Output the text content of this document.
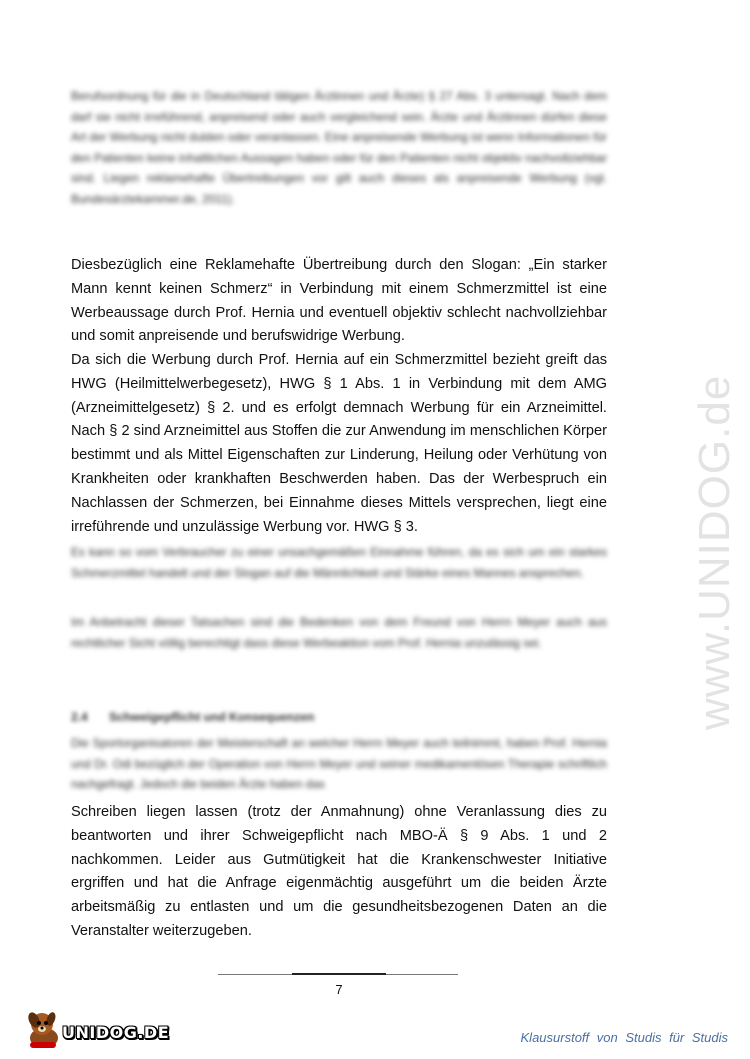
www.UNIDOG.de

Berufsordnung für die in Deutschland tätigen Ärztinnen und Ärzte) § 27 Abs. 3 untersagt. Nach dem darf sie nicht irreführend, anpreisend oder auch vergleichend sein. Ärzte und Ärztinnen dürfen diese Art der Werbung nicht dulden oder veranlassen. Eine anpreisende Werbung ist wenn Informationen für den Patienten keine inhaltlichen Aussagen haben oder für den Patienten nicht objektiv nachvollziehbar sind. Liegen reklamehafte Übertreibungen vor gilt auch dieses als anpreisende Werbung (vgl. Bundesärztekammer.de, 2011).

Diesbezüglich eine Reklamehafte Übertreibung durch den Slogan: „Ein starker Mann kennt keinen Schmerz“ in Verbindung mit einem Schmerzmittel ist eine Werbeaussage durch Prof. Hernia und eventuell objektiv schlecht nachvollziehbar und somit anpreisende und berufswidrige Werbung.

Da sich die Werbung durch Prof. Hernia auf ein Schmerzmittel bezieht greift das HWG (Heilmittelwerbegesetz), HWG § 1 Abs. 1 in Verbindung mit dem AMG (Arzneimittelgesetz) § 2. und es erfolgt demnach Werbung für ein Arzneimittel. Nach § 2 sind Arzneimittel aus Stoffen die zur Anwendung im menschlichen Körper bestimmt und als Mittel Eigenschaften zur Linderung, Heilung oder Verhütung von Krankheiten oder krankhaften Beschwerden haben. Das der Werbespruch ein Nachlassen der Schmerzen, bei Einnahme dieses Mittels versprechen, liegt eine irreführende und unzulässige Werbung vor. HWG § 3.

Es kann so vom Verbraucher zu einer unsachgemäßen Einnahme führen, da es sich um ein starkes Schmerzmittel handelt und der Slogan auf die Männlichkeit und Stärke eines Mannes ansprechen.

Im Anbetracht dieser Tatsachen sind die Bedenken von dem Freund von Herrn Meyer auch aus rechtlicher Sicht völlig berechtigt dass diese Werbeaktion vom Prof. Hernia unzulässig sei.

2.4 Schweigepflicht und Konsequenzen

Die Sportorganisatoren der Meisterschaft an welcher Herrn Meyer auch teilnimmt, haben Prof. Hernia und Dr. Odi bezüglich der Operation von Herrn Meyer und seiner medikamentösen Therapie schriftlich nachgefragt. Jedoch die beiden Ärzte haben das

Schreiben liegen lassen (trotz der Anmahnung) ohne Veranlassung dies zu beantworten und ihrer Schweigepflicht nach MBO-Ä § 9 Abs. 1 und 2 nachkommen. Leider aus Gutmütigkeit hat die Krankenschwester Initiative ergriffen und hat die Anfrage eigenmächtig ausgeführt um die beiden Ärzte arbeitsmäßig zu entlasten und um die gesundheitsbezogenen Daten an die Veranstalter weiterzugeben.

7
UNIDOG.DE	Klausurstoff von Studis für Studis
